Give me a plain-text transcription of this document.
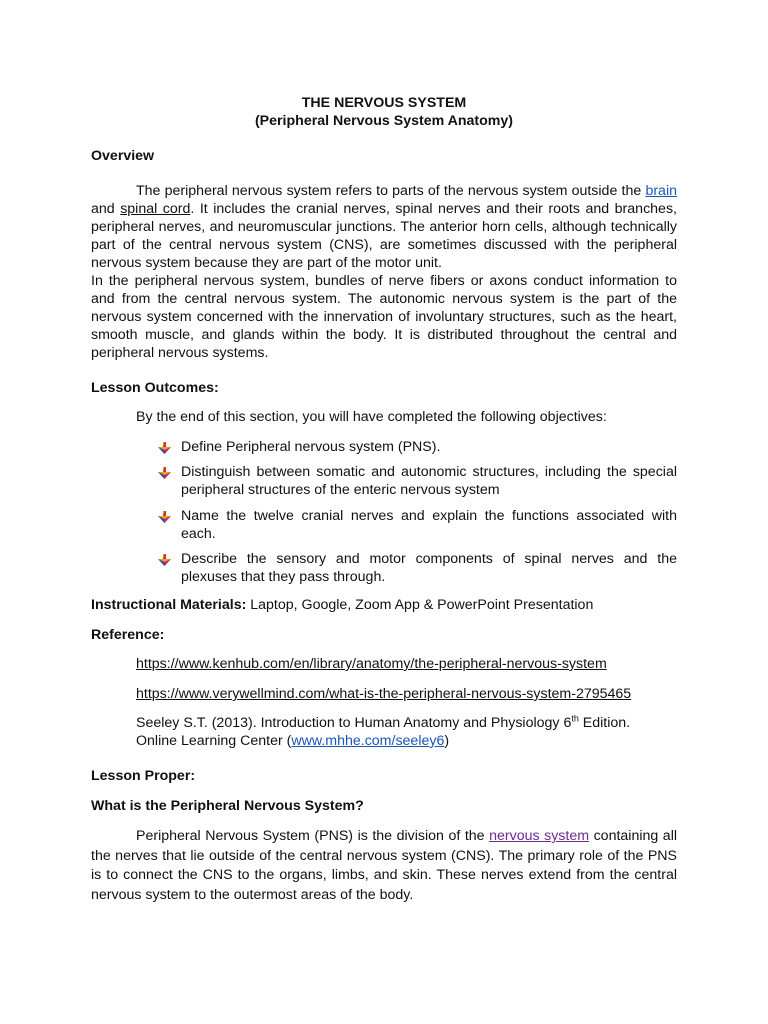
THE NERVOUS SYSTEM
(Peripheral Nervous System Anatomy)
Overview
The peripheral nervous system refers to parts of the nervous system outside the brain and spinal cord. It includes the cranial nerves, spinal nerves and their roots and branches, peripheral nerves, and neuromuscular junctions. The anterior horn cells, although technically part of the central nervous system (CNS), are sometimes discussed with the peripheral nervous system because they are part of the motor unit.
In the peripheral nervous system, bundles of nerve fibers or axons conduct information to and from the central nervous system. The autonomic nervous system is the part of the nervous system concerned with the innervation of involuntary structures, such as the heart, smooth muscle, and glands within the body. It is distributed throughout the central and peripheral nervous systems.
Lesson Outcomes:
By the end of this section, you will have completed the following objectives:
Define Peripheral nervous system (PNS).
Distinguish between somatic and autonomic structures, including the special peripheral structures of the enteric nervous system
Name the twelve cranial nerves and explain the functions associated with each.
Describe the sensory and motor components of spinal nerves and the plexuses that they pass through.
Instructional Materials: Laptop, Google, Zoom App & PowerPoint Presentation
Reference:
https://www.kenhub.com/en/library/anatomy/the-peripheral-nervous-system
https://www.verywellmind.com/what-is-the-peripheral-nervous-system-2795465
Seeley S.T. (2013). Introduction to Human Anatomy and Physiology 6th Edition.
Online Learning Center (www.mhhe.com/seeley6)
Lesson Proper:
What is the Peripheral Nervous System?
Peripheral Nervous System (PNS) is the division of the nervous system containing all the nerves that lie outside of the central nervous system (CNS). The primary role of the PNS is to connect the CNS to the organs, limbs, and skin. These nerves extend from the central nervous system to the outermost areas of the body.
